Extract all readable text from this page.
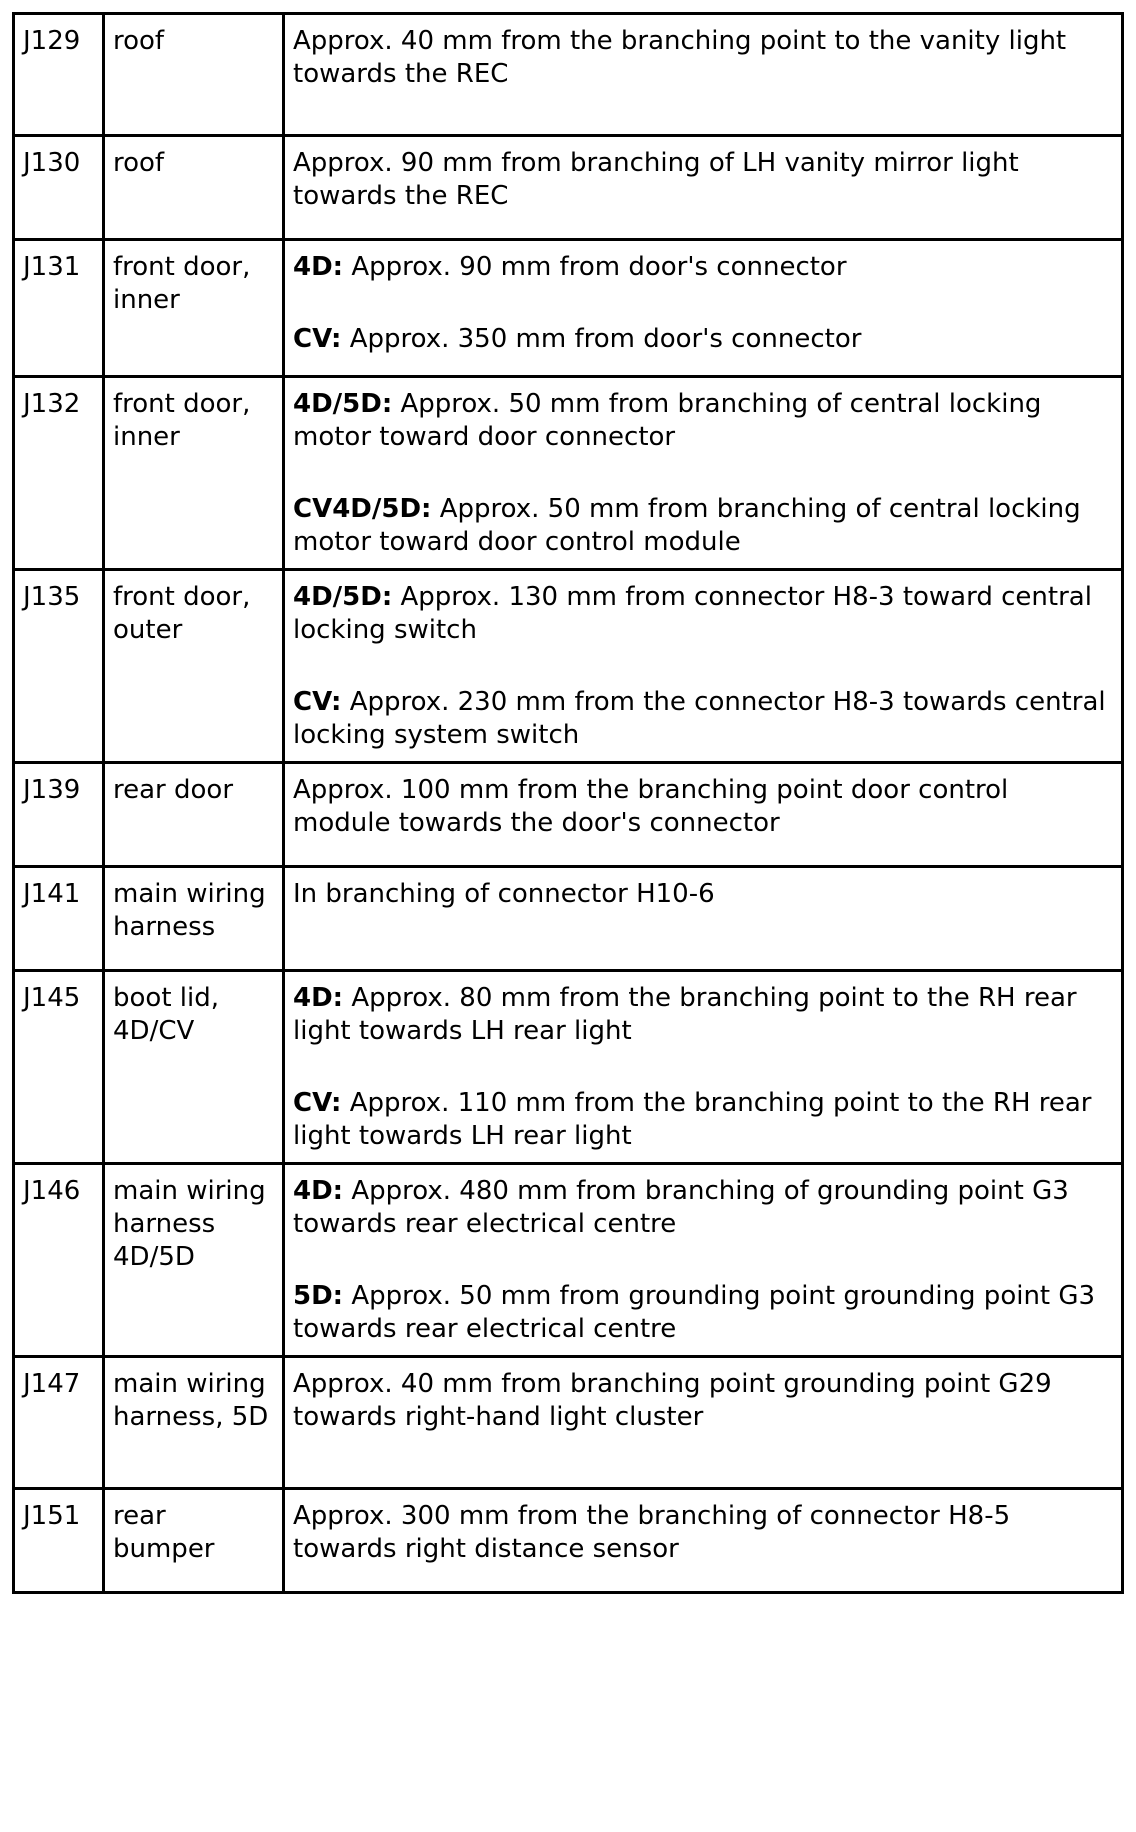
J129	roof	Approx. 40 mm from the branching point to the vanity light towards the REC

J130	roof	Approx. 90 mm from branching of LH vanity mirror light towards the REC

J131	front door, inner	4D: Approx. 90 mm from door's connector
CV: Approx. 350 mm from door's connector

J132	front door, inner	4D/5D: Approx. 50 mm from branching of central locking motor toward door connector
CV4D/5D: Approx. 50 mm from branching of central locking motor toward door control module

J135	front door, outer	4D/5D: Approx. 130 mm from connector H8-3 toward central locking switch
CV: Approx. 230 mm from the connector H8-3 towards central locking system switch

J139	rear door	Approx. 100 mm from the branching point door control module towards the door's connector

J141	main wiring harness	In branching of connector H10-6

J145	boot lid, 4D/CV	4D: Approx. 80 mm from the branching point to the RH rear light towards LH rear light
CV: Approx. 110 mm from the branching point to the RH rear light towards LH rear light

J146	main wiring harness 4D/5D	4D: Approx. 480 mm from branching of grounding point G3 towards rear electrical centre
5D: Approx. 50 mm from grounding point grounding point G3 towards rear electrical centre

J147	main wiring harness, 5D	Approx. 40 mm from branching point grounding point G29 towards right-hand light cluster

J151	rear bumper	Approx. 300 mm from the branching of connector H8-5 towards right distance sensor
